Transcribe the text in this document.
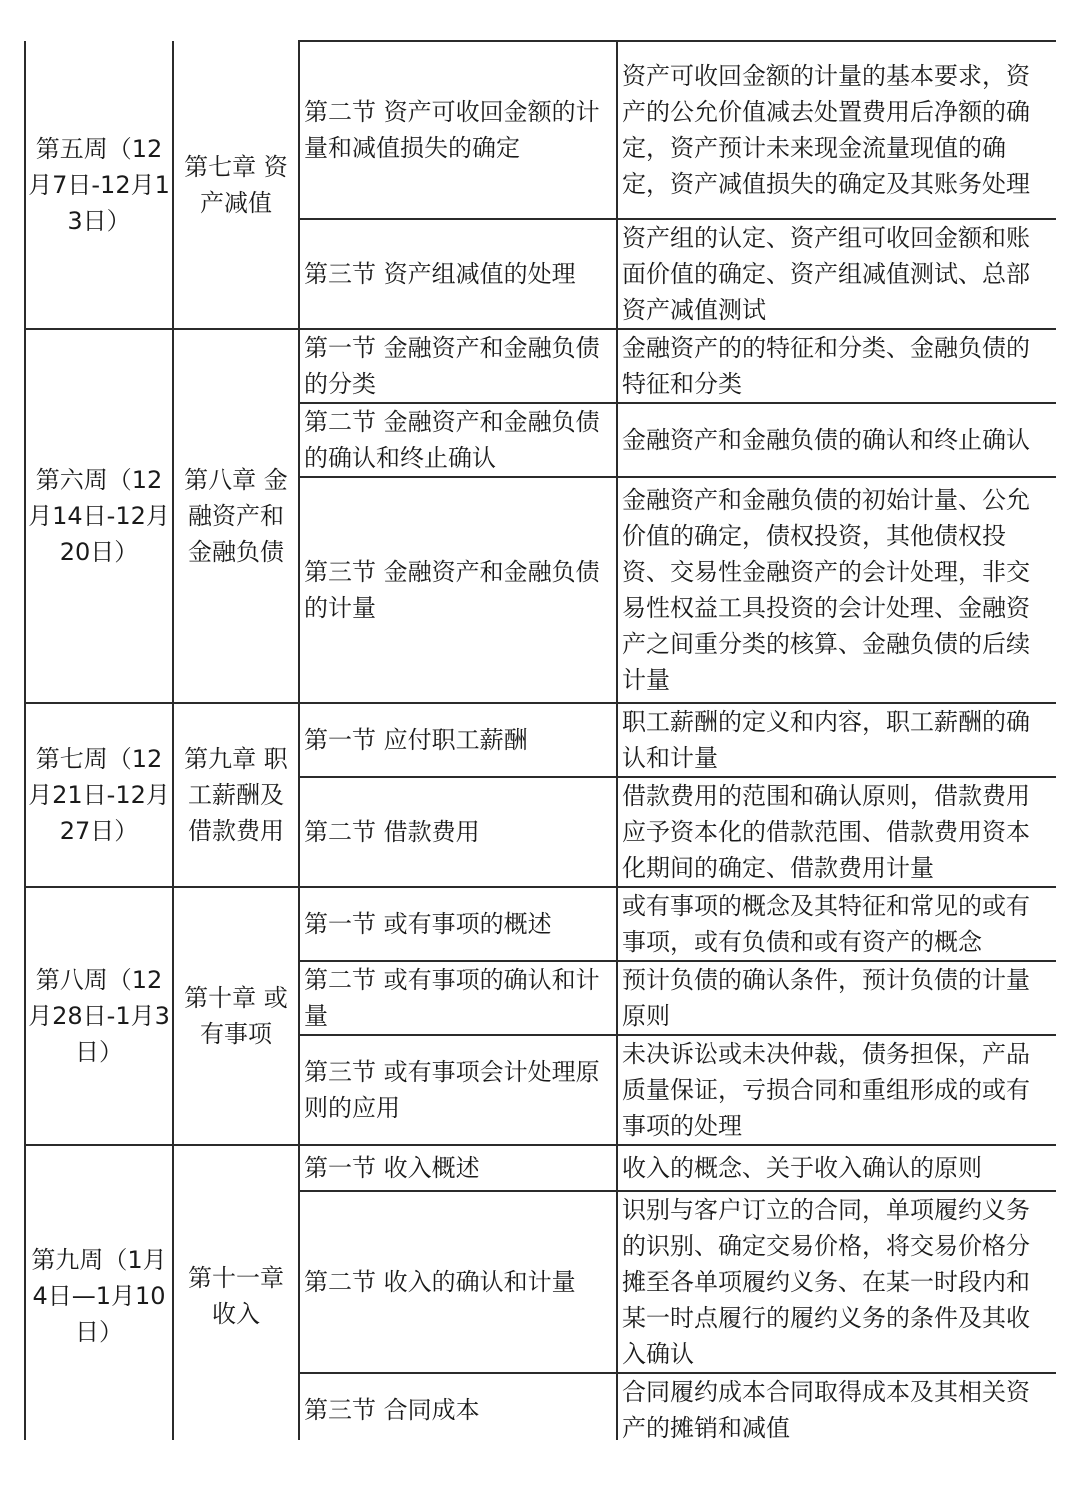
第五周（12月7日-12月13日）	第七章 资产减值	第二节 资产可收回金额的计量和减值损失的确定	资产可收回金额的计量的基本要求，资产的公允价值减去处置费用后净额的确定，资产预计未来现金流量现值的确定，资产减值损失的确定及其账务处理
		第三节 资产组减值的处理	资产组的认定、资产组可收回金额和账面价值的确定、资产组减值测试、总部资产减值测试
第六周（12月14日-12月20日）	第八章 金融资产和金融负债	第一节 金融资产和金融负债的分类	金融资产的的特征和分类、金融负债的特征和分类
		第二节 金融资产和金融负债的确认和终止确认	金融资产和金融负债的确认和终止确认
		第三节 金融资产和金融负债的计量	金融资产和金融负债的初始计量、公允价值的确定，债权投资，其他债权投资、交易性金融资产的会计处理，非交易性权益工具投资的会计处理、金融资产之间重分类的核算、金融负债的后续计量
第七周（12月21日-12月27日）	第九章 职工薪酬及借款费用	第一节 应付职工薪酬	职工薪酬的定义和内容，职工薪酬的确认和计量
		第二节 借款费用	借款费用的范围和确认原则，借款费用应予资本化的借款范围、借款费用资本化期间的确定、借款费用计量
第八周（12月28日-1月3日）	第十章 或有事项	第一节 或有事项的概述	或有事项的概念及其特征和常见的或有事项，或有负债和或有资产的概念
		第二节 或有事项的确认和计量	预计负债的确认条件，预计负债的计量原则
		第三节 或有事项会计处理原则的应用	未决诉讼或未决仲裁，债务担保，产品质量保证，亏损合同和重组形成的或有事项的处理
第九周（1月 4日—1月10日）	第十一章 收入	第一节 收入概述	收入的概念、关于收入确认的原则
		第二节 收入的确认和计量	识别与客户订立的合同，单项履约义务的识别、确定交易价格，将交易价格分摊至各单项履约义务、在某一时段内和某一时点履行的履约义务的条件及其收入确认
		第三节 合同成本	合同履约成本合同取得成本及其相关资产的摊销和减值
